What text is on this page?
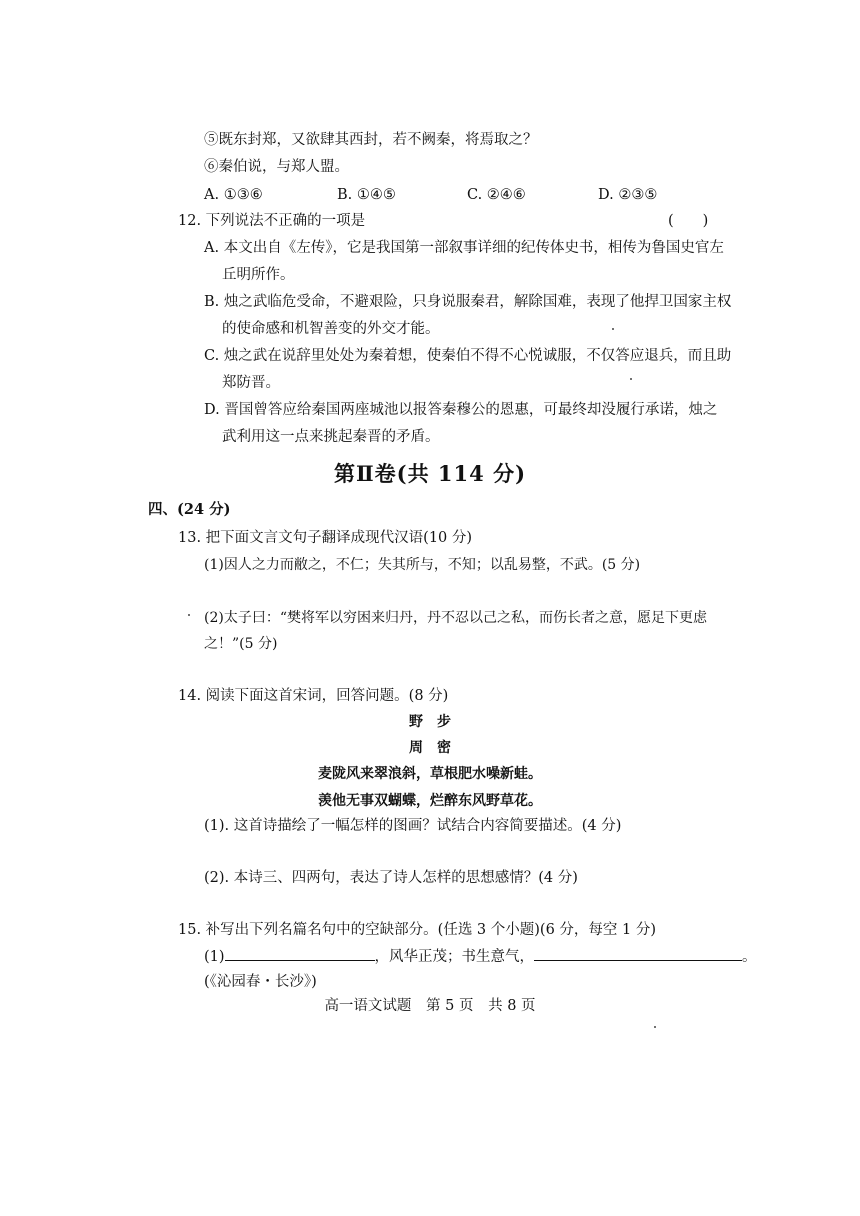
⑤既东封郑，又欲肆其西封，若不阙秦，将焉取之？
⑥秦伯说，与郑人盟。
A. ①③⑥	B. ①④⑤	C. ②④⑥	D. ②③⑤
12. 下列说法不正确的一项是	(　　)
A. 本文出自《左传》，它是我国第一部叙事详细的纪传体史书，相传为鲁国史官左
丘明所作。
B. 烛之武临危受命，不避艰险，只身说服秦君，解除国难，表现了他捍卫国家主权
的使命感和机智善变的外交才能。
C. 烛之武在说辞里处处为秦着想，使秦伯不得不心悦诚服，不仅答应退兵，而且助
郑防晋。
D. 晋国曾答应给秦国两座城池以报答秦穆公的恩惠，可最终却没履行承诺，烛之
武利用这一点来挑起秦晋的矛盾。
第Ⅱ卷(共 114 分)
四、(24 分)
13. 把下面文言文句子翻译成现代汉语(10 分)
(1)因人之力而敝之，不仁；失其所与，不知；以乱易整，不武。(5 分)
(2)太子曰：“樊将军以穷困来归丹，丹不忍以己之私，而伤长者之意，愿足下更虑
之！”(5 分)
14. 阅读下面这首宋词，回答问题。(8 分)
野　步
周　密
麦陇风来翠浪斜，草根肥水噪新蛙。
羡他无事双蝴蝶，烂醉东风野草花。
(1). 这首诗描绘了一幅怎样的图画？试结合内容简要描述。(4 分)
(2). 本诗三、四两句，表达了诗人怎样的思想感情？(4 分)
15. 补写出下列名篇名句中的空缺部分。(任选 3 个小题)(6 分，每空 1 分)
(1)	，风华正茂；书生意气，	。
(《沁园春・长沙》)
高一语文试题 第 5 页 共 8 页
